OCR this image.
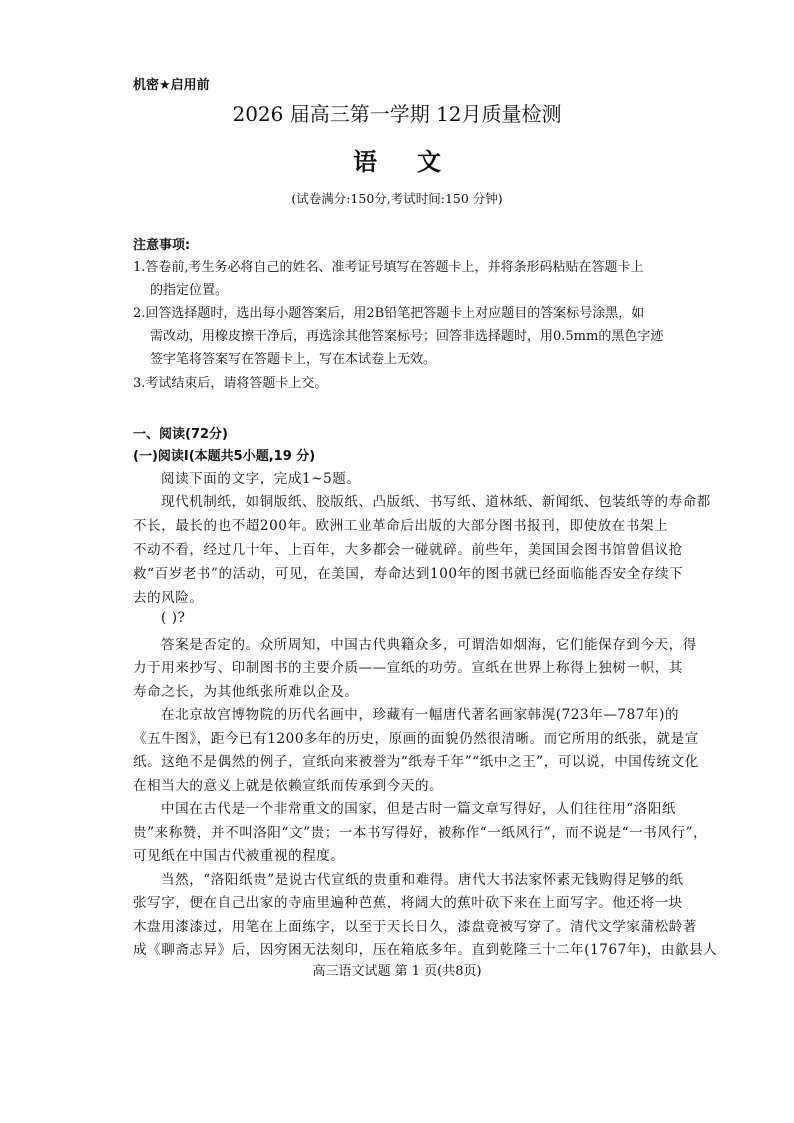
机密★启用前
2026 届高三第一学期 12月质量检测
语文
(试卷满分:150分,考试时间:150 分钟)
注意事项:
1.答卷前,考生务必将自己的姓名、准考证号填写在答题卡上，并将条形码粘贴在答题卡上
的指定位置。
2.回答选择题时，选出每小题答案后，用2B铅笔把答题卡上对应题目的答案标号涂黑，如
需改动，用橡皮擦干净后，再选涂其他答案标号；回答非选择题时，用0.5mm的黑色字迹
签字笔将答案写在答题卡上，写在本试卷上无效。
3.考试结束后，请将答题卡上交。
一、阅读(72分)
(一)阅读Ⅰ(本题共5小题,19 分)
阅读下面的文字，完成1~5题。
现代机制纸，如铜版纸、胶版纸、凸版纸、书写纸、道林纸、新闻纸、包装纸等的寿命都
不长，最长的也不超200年。欧洲工业革命后出版的大部分图书报刊，即使放在书架上
不动不看，经过几十年、上百年，大多都会一碰就碎。前些年，美国国会图书馆曾倡议抢
救“百岁老书”的活动，可见，在美国，寿命达到100年的图书就已经面临能否安全存续下
去的风险。
( )?
答案是否定的。众所周知，中国古代典籍众多，可谓浩如烟海，它们能保存到今天，得
力于用来抄写、印制图书的主要介质——宣纸的功劳。宣纸在世界上称得上独树一帜，其
寿命之长，为其他纸张所难以企及。
在北京故宫博物院的历代名画中，珍藏有一幅唐代著名画家韩滉(723年—787年)的
《五牛图》，距今已有1200多年的历史，原画的面貌仍然很清晰。而它所用的纸张，就是宣
纸。这绝不是偶然的例子，宣纸向来被誉为“纸寿千年”“纸中之王”，可以说，中国传统文化
在相当大的意义上就是依赖宣纸而传承到今天的。
中国在古代是一个非常重文的国家，但是古时一篇文章写得好，人们往往用“洛阳纸
贵”来称赞，并不叫洛阳“文”贵；一本书写得好，被称作“一纸风行”，而不说是“一书风行”，
可见纸在中国古代被重视的程度。
当然，“洛阳纸贵”是说古代宣纸的贵重和难得。唐代大书法家怀素无钱购得足够的纸
张写字，便在自己出家的寺庙里遍种芭蕉，将阔大的蕉叶砍下来在上面写字。他还将一块
木盘用漆漆过，用笔在上面练字，以至于天长日久，漆盘竟被写穿了。清代文学家蒲松龄著
成《聊斋志异》后，因穷困无法刻印，压在箱底多年。直到乾隆三十二年(1767年)，由歙县人
高三语文试题 第 1 页(共8页)
